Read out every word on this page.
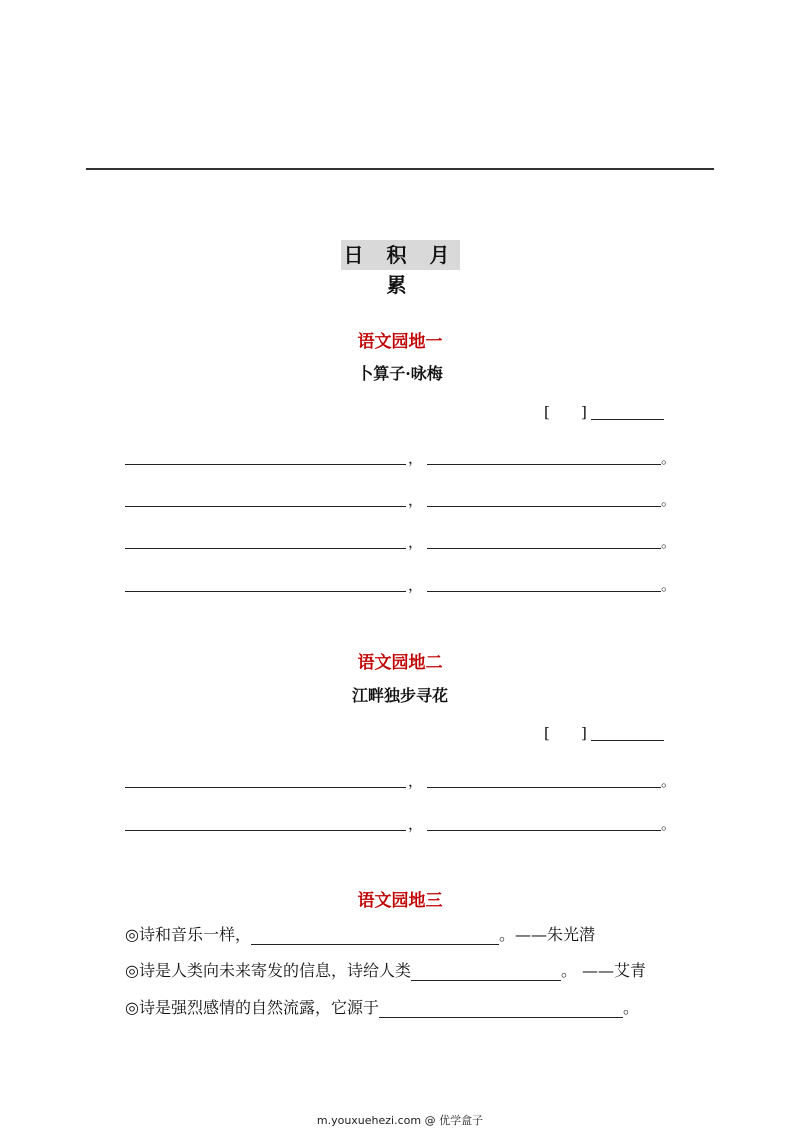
日 积 月 累
语文园地一
卜算子·咏梅
[ ]
，	。
，	。
，	。
，	。
语文园地二
江畔独步寻花
[ ]
，	。
，	。
语文园地三
◎诗和音乐一样，	。——朱光潜
◎诗是人类向未来寄发的信息，诗给人类	。 ——艾青
◎诗是强烈感情的自然流露，它源于	。
m.youxuehezi.com @ 优学盒子
